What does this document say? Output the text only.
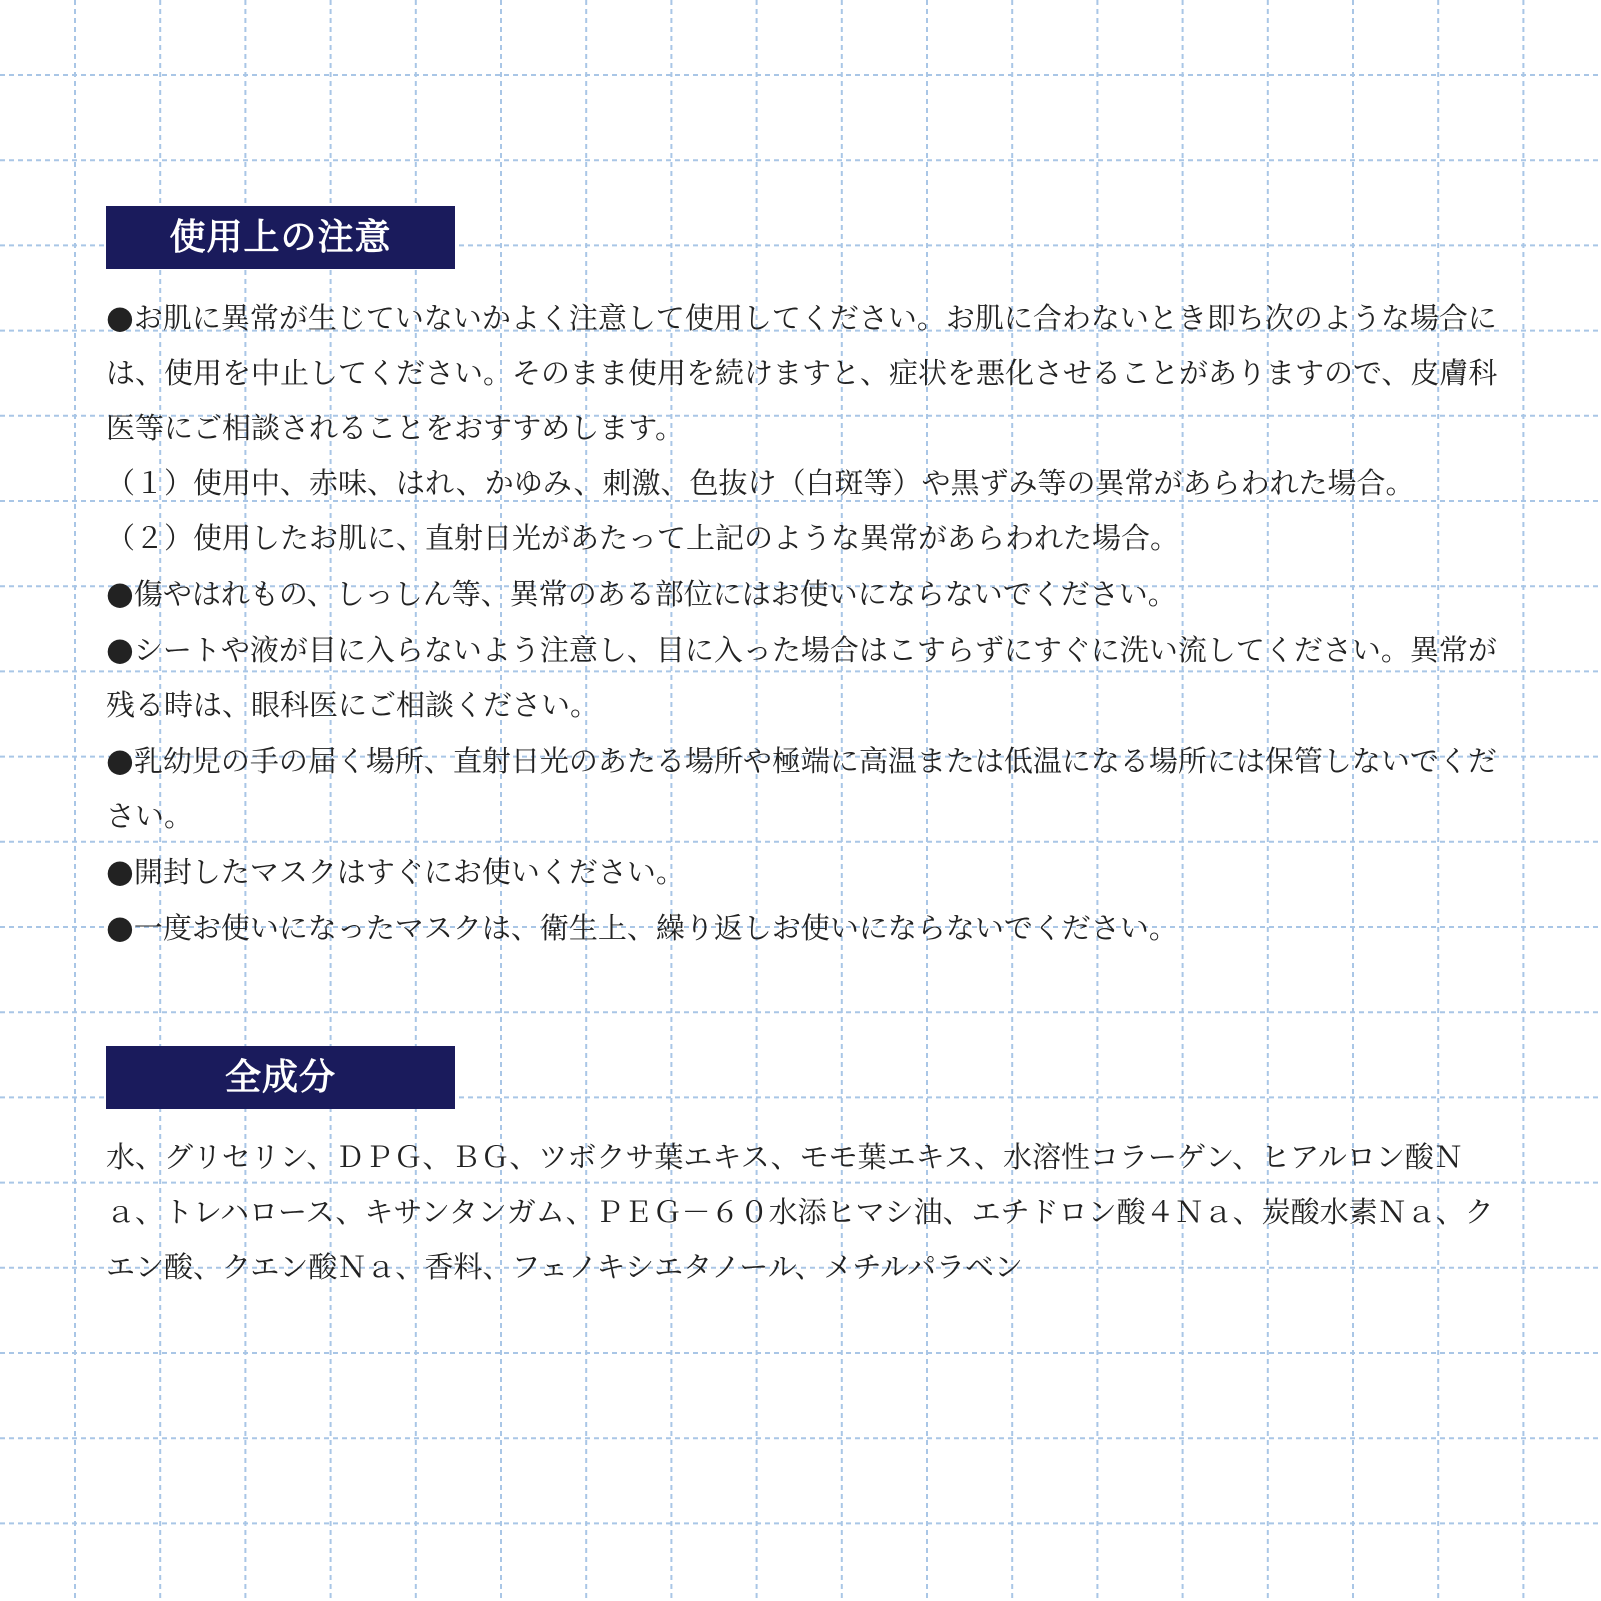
使用上の注意

●お肌に異常が生じていないかよく注意して使用してください。お肌に合わないとき即ち次のような場合には、使用を中止してください。そのまま使用を続けますと、症状を悪化させることがありますので、皮膚科医等にご相談されることをおすすめします。

（１）使用中、赤味、はれ、かゆみ、刺激、色抜け（白斑等）や黒ずみ等の異常があらわれた場合。

（２）使用したお肌に、直射日光があたって上記のような異常があらわれた場合。

●傷やはれもの、しっしん等、異常のある部位にはお使いにならないでください。

●シートや液が目に入らないよう注意し、目に入った場合はこすらずにすぐに洗い流してください。異常が残る時は、眼科医にご相談ください。

●乳幼児の手の届く場所、直射日光のあたる場所や極端に高温または低温になる場所には保管しないでください。

●開封したマスクはすぐにお使いください。

●一度お使いになったマスクは、衛生上、繰り返しお使いにならないでください。

全成分

水、グリセリン、ＤＰＧ、ＢＧ、ツボクサ葉エキス、モモ葉エキス、水溶性コラーゲン、ヒアルロン酸Ｎａ、トレハロース、キサンタンガム、ＰＥＧ－６０水添ヒマシ油、エチドロン酸４Ｎａ、炭酸水素Ｎａ、クエン酸、クエン酸Ｎａ、香料、フェノキシエタノール、メチルパラベン
